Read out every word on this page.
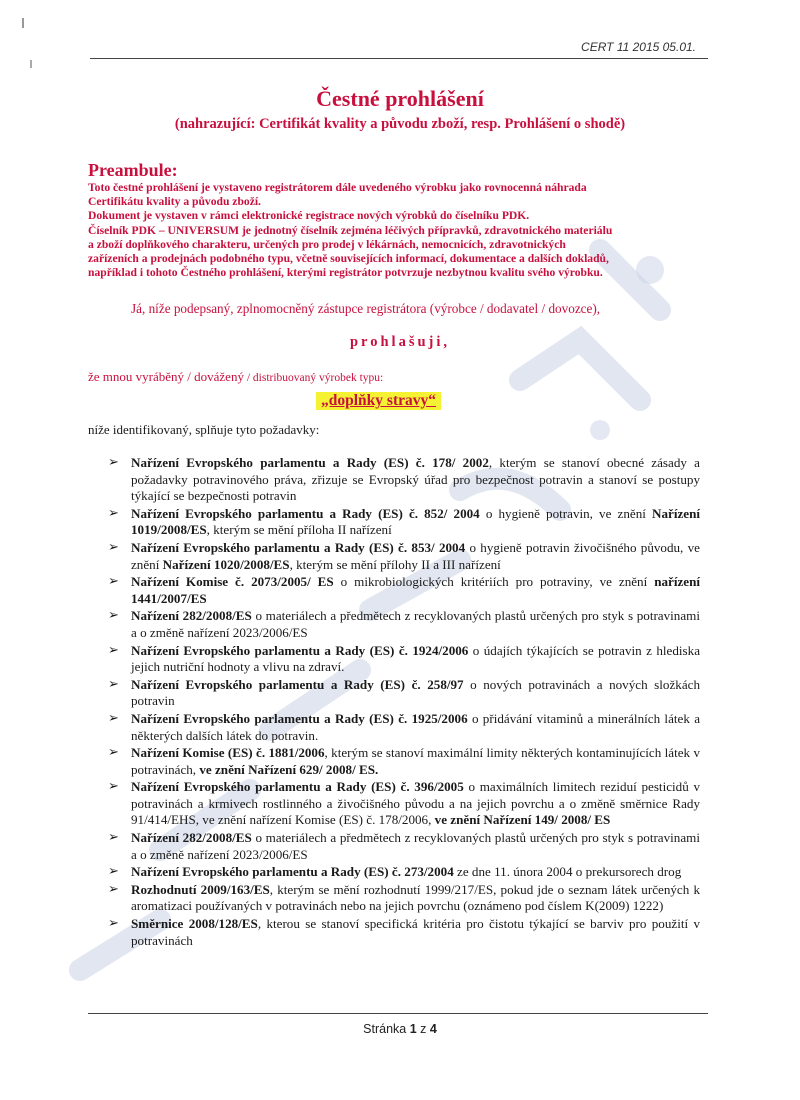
CERT 11 2015 05.01.
Čestné prohlášení
(nahrazující: Certifikát kvality a původu zboží, resp. Prohlášení o shodě)
Preambule:
Toto čestné prohlášení je vystaveno registrátorem dále uvedeného výrobku jako rovnocenná náhrada
Certifikátu kvality a původu zboží.
Dokument je vystaven v rámci elektronické registrace nových výrobků do číselníku PDK.
Číselník PDK – UNIVERSUM je jednotný číselník zejména léčivých přípravků, zdravotnického materiálu
a zboží doplňkového charakteru, určených pro prodej v lékárnách, nemocnicích, zdravotnických
zařízeních a prodejnách podobného typu, včetně souvisejících informací, dokumentace a dalších dokladů,
například i tohoto Čestného prohlášení, kterými registrátor potvrzuje nezbytnou kvalitu svého výrobku.
Já, níže podepsaný, zplnomocněný zástupce registrátora (výrobce / dodavatel / dovozce),
prohlašuji,
že mnou vyráběný / dovážený / distribuovaný výrobek typu:
„doplňky stravy“
níže identifikovaný, splňuje tyto požadavky:
➢ Nařízení Evropského parlamentu a Rady (ES) č. 178/ 2002, kterým se stanoví obecné zásady a požadavky potravinového práva, zřizuje se Evropský úřad pro bezpečnost potravin a stanoví se postupy týkající se bezpečnosti potravin
➢ Nařízení Evropského parlamentu a Rady (ES) č. 852/ 2004 o hygieně potravin, ve znění Nařízení 1019/2008/ES, kterým se mění příloha II nařízení
➢ Nařízení Evropského parlamentu a Rady (ES) č. 853/ 2004 o hygieně potravin živočišného původu, ve znění Nařízení 1020/2008/ES, kterým se mění přílohy II a III nařízení
➢ Nařízení Komise č. 2073/2005/ ES o mikrobiologických kritériích pro potraviny, ve znění nařízení 1441/2007/ES
➢ Nařízení 282/2008/ES o materiálech a předmětech z recyklovaných plastů určených pro styk s potravinami a o změně nařízení 2023/2006/ES
➢ Nařízení Evropského parlamentu a Rady (ES) č. 1924/2006 o údajích týkajících se potravin z hlediska jejich nutriční hodnoty a vlivu na zdraví.
➢ Nařízení Evropského parlamentu a Rady (ES) č. 258/97 o nových potravinách a nových složkách potravin
➢ Nařízení Evropského parlamentu a Rady (ES) č. 1925/2006 o přidávání vitaminů a minerálních látek a některých dalších látek do potravin.
➢ Nařízení Komise (ES) č. 1881/2006, kterým se stanoví maximální limity některých kontaminujících látek v potravinách, ve znění Nařízení 629/ 2008/ ES.
➢ Nařízení Evropského parlamentu a Rady (ES) č. 396/2005 o maximálních limitech reziduí pesticidů v potravinách a krmivech rostlinného a živočišného původu a na jejich povrchu a o změně směrnice Rady 91/414/EHS, ve znění nařízení Komise (ES) č. 178/2006, ve znění Nařízení 149/ 2008/ ES
➢ Nařízení 282/2008/ES o materiálech a předmětech z recyklovaných plastů určených pro styk s potravinami a o změně nařízení 2023/2006/ES
➢ Nařízení Evropského parlamentu a Rady (ES) č. 273/2004 ze dne 11. února 2004 o prekursorech drog
➢ Rozhodnutí 2009/163/ES, kterým se mění rozhodnutí 1999/217/ES, pokud jde o seznam látek určených k aromatizaci používaných v potravinách nebo na jejich povrchu (oznámeno pod číslem K(2009) 1222)
➢ Směrnice 2008/128/ES, kterou se stanoví specifická kritéria pro čistotu týkající se barviv pro použití v potravinách
Stránka 1 z 4
